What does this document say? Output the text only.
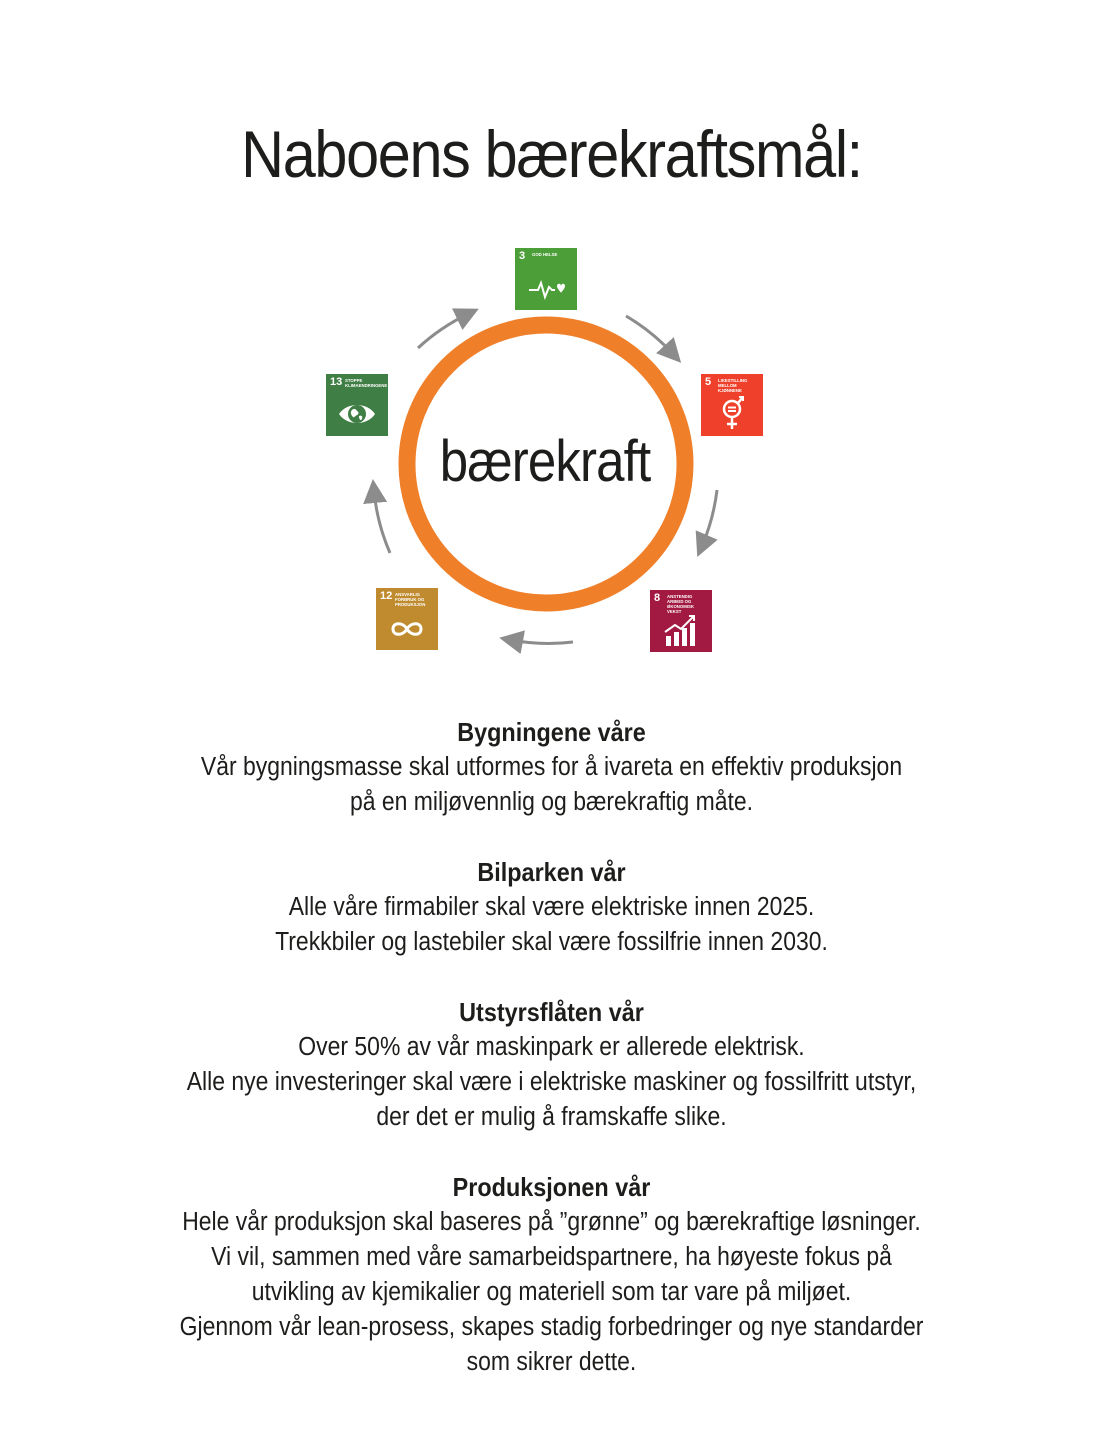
Naboens bærekraftsmål:
bærekraft
3 GOD HELSE
5 LIKESTILLING MELLOM KJØNNENE
8 ANSTENDIG ARBEID OG ØKONOMISK VEKST
12 ANSVARLIG FORBRUK OG PRODUKSJON
13 STOPPE KLIMAENDRINGENE
Bygningene våre
Vår bygningsmasse skal utformes for å ivareta en effektiv produksjon
på en miljøvennlig og bærekraftig måte.
Bilparken vår
Alle våre firmabiler skal være elektriske innen 2025.
Trekkbiler og lastebiler skal være fossilfrie innen 2030.
Utstyrsflåten vår
Over 50% av vår maskinpark er allerede elektrisk.
Alle nye investeringer skal være i elektriske maskiner og fossilfritt utstyr,
der det er mulig å framskaffe slike.
Produksjonen vår
Hele vår produksjon skal baseres på ”grønne” og bærekraftige løsninger.
Vi vil, sammen med våre samarbeidspartnere, ha høyeste fokus på
utvikling av kjemikalier og materiell som tar vare på miljøet.
Gjennom vår lean-prosess, skapes stadig forbedringer og nye standarder
som sikrer dette.
